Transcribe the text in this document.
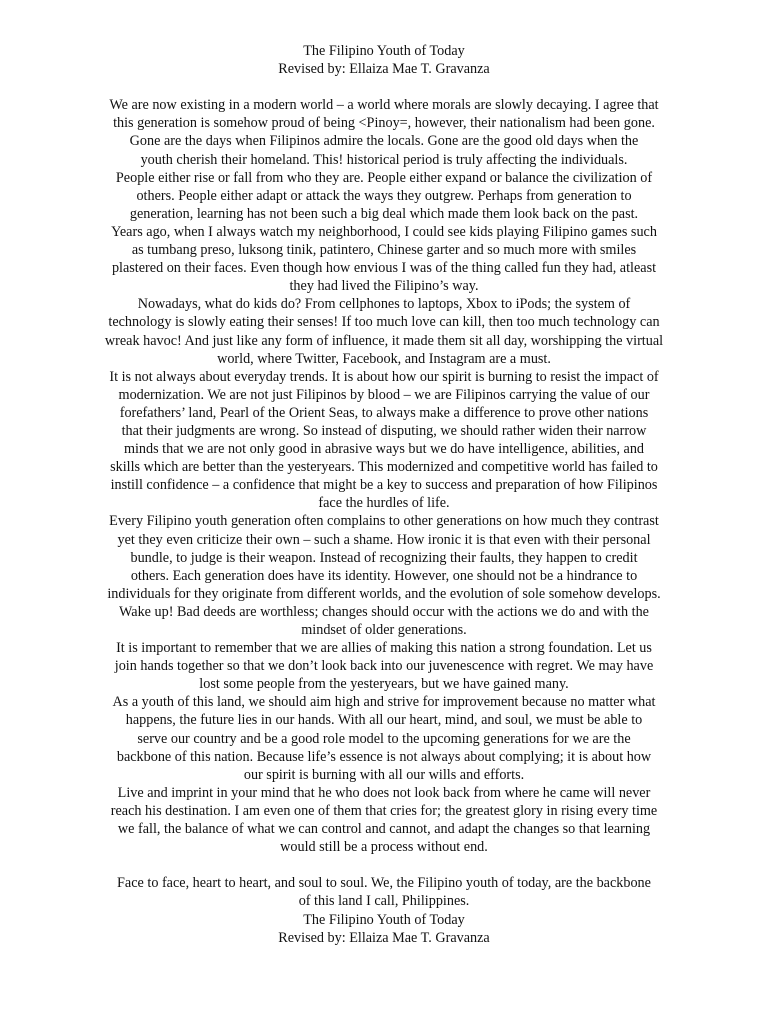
The Filipino Youth of Today
Revised by: Ellaiza Mae T. Gravanza
We are now existing in a modern world – a world where morals are slowly decaying. I agree that
this generation is somehow proud of being <Pinoy=, however, their nationalism had been gone.
Gone are the days when Filipinos admire the locals. Gone are the good old days when the
youth cherish their homeland. This! historical period is truly affecting the individuals.
People either rise or fall from who they are. People either expand or balance the civilization of
others. People either adapt or attack the ways they outgrew. Perhaps from generation to
generation, learning has not been such a big deal which made them look back on the past.
Years ago, when I always watch my neighborhood, I could see kids playing Filipino games such
as tumbang preso, luksong tinik, patintero, Chinese garter and so much more with smiles
plastered on their faces. Even though how envious I was of the thing called fun they had, atleast
they had lived the Filipino’s way.
Nowadays, what do kids do? From cellphones to laptops, Xbox to iPods; the system of
technology is slowly eating their senses! If too much love can kill, then too much technology can
wreak havoc! And just like any form of influence, it made them sit all day, worshipping the virtual
world, where Twitter, Facebook, and Instagram are a must.
It is not always about everyday trends. It is about how our spirit is burning to resist the impact of
modernization. We are not just Filipinos by blood – we are Filipinos carrying the value of our
forefathers’ land, Pearl of the Orient Seas, to always make a difference to prove other nations
that their judgments are wrong. So instead of disputing, we should rather widen their narrow
minds that we are not only good in abrasive ways but we do have intelligence, abilities, and
skills which are better than the yesteryears. This modernized and competitive world has failed to
instill confidence – a confidence that might be a key to success and preparation of how Filipinos
face the hurdles of life.
Every Filipino youth generation often complains to other generations on how much they contrast
yet they even criticize their own – such a shame. How ironic it is that even with their personal
bundle, to judge is their weapon. Instead of recognizing their faults, they happen to credit
others. Each generation does have its identity. However, one should not be a hindrance to
individuals for they originate from different worlds, and the evolution of sole somehow develops.
Wake up! Bad deeds are worthless; changes should occur with the actions we do and with the
mindset of older generations.
It is important to remember that we are allies of making this nation a strong foundation. Let us
join hands together so that we don’t look back into our juvenescence with regret. We may have
lost some people from the yesteryears, but we have gained many.
As a youth of this land, we should aim high and strive for improvement because no matter what
happens, the future lies in our hands. With all our heart, mind, and soul, we must be able to
serve our country and be a good role model to the upcoming generations for we are the
backbone of this nation. Because life’s essence is not always about complying; it is about how
our spirit is burning with all our wills and efforts.
Live and imprint in your mind that he who does not look back from where he came will never
reach his destination. I am even one of them that cries for; the greatest glory in rising every time
we fall, the balance of what we can control and cannot, and adapt the changes so that learning
would still be a process without end.
Face to face, heart to heart, and soul to soul. We, the Filipino youth of today, are the backbone
of this land I call, Philippines.
The Filipino Youth of Today
Revised by: Ellaiza Mae T. Gravanza
